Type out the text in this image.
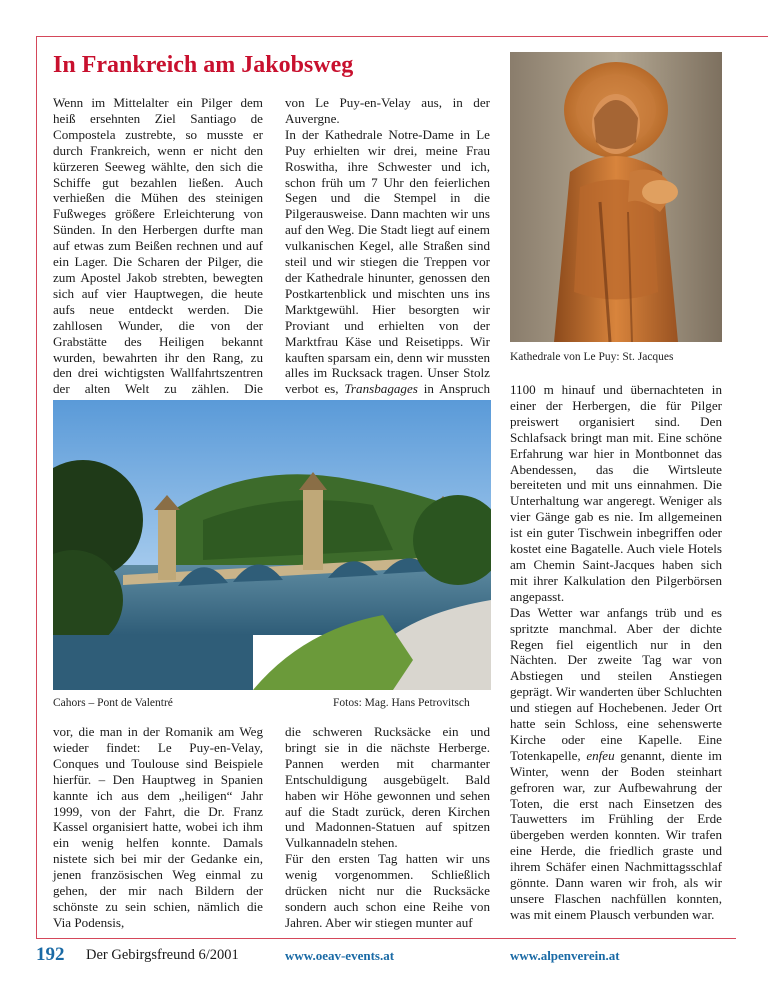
In Frankreich am Jakobsweg

Wenn im Mittelalter ein Pilger dem heiß ersehnten Ziel Santiago de Compostela zustrebte, so musste er durch Frankreich, wenn er nicht den kürzeren Seeweg wählte, den sich die Schiffe gut bezahlen ließen. Auch verhießen die Mühen des steinigen Fußweges größere Erleichterung von Sünden. In den Herbergen durfte man auf etwas zum Beißen rechnen und auf ein Lager. Die Scharen der Pilger, die zum Apostel Jakob strebten, bewegten sich auf vier Hauptwegen, die heute aufs neue entdeckt werden. Die zahllosen Wunder, die von der Grabstätte des Heiligen bekannt wurden, bewahrten ihr den Rang, zu den drei wichtigsten Wallfahrtszentren der alten Welt zu zählen. Die

von Le Puy-en-Velay aus, in der Auvergne.

In der Kathedrale Notre-Dame in Le Puy erhielten wir drei, meine Frau Roswitha, ihre Schwester und ich, schon früh um 7 Uhr den feierlichen Segen und die Stempel in die Pilgerausweise. Dann machten wir uns auf den Weg. Die Stadt liegt auf einem vulkanischen Kegel, alle Straßen sind steil und wir stiegen die Treppen vor der Kathedrale hinunter, genossen den Postkartenblick und mischten uns ins Marktgewühl. Hier besorgten wir Proviant und erhielten von der Marktfrau Käse und Reisetipps. Wir kauften sparsam ein, denn wir mussten alles im Rucksack tragen. Unser Stolz verbot es, Transbagages in Anspruch

Kathedrale von Le Puy: St. Jacques

1100 m hinauf und übernachteten in einer der Herbergen, die für Pilger preiswert organisiert sind. Den Schlafsack bringt man mit. Eine schöne Erfahrung war hier in Montbonnet das Abendessen, das die Wirtsleute bereiteten und mit uns einnahmen. Die Unterhaltung war angeregt. Weniger als vier Gänge gab es nie. Im allgemeinen ist ein guter Tischwein inbegriffen oder kostet eine Bagatelle. Auch viele Hotels am Chemin Saint-Jacques haben sich mit ihrer Kalkulation den Pilgerbörsen angepasst.

Das Wetter war anfangs trüb und es spritzte manchmal. Aber der dichte Regen fiel eigentlich nur in den Nächten. Der zweite Tag war von Abstiegen und steilen Anstiegen geprägt. Wir wanderten über Schluchten und stiegen auf Hochebenen. Jeder Ort hatte sein Schloss, eine sehenswerte Kirche oder eine Kapelle. Eine Totenkapelle, enfeu genannt, diente im Winter, wenn der Boden steinhart gefroren war, zur Aufbewahrung der Toten, die erst nach Einsetzen des Tauwetters im Frühling der Erde übergeben werden konnten. Wir trafen eine Herde, die friedlich graste und ihrem Schäfer einen Nachmittagsschlaf gönnte. Dann waren wir froh, als wir unsere Flaschen nachfüllen konnten, was mit einem Plausch verbunden war.

Cahors – Pont de Valentré	Fotos: Mag. Hans Petrovitsch

vor, die man in der Romanik am Weg wieder findet: Le Puy-en-Velay, Conques und Toulouse sind Beispiele hierfür. – Den Hauptweg in Spanien kannte ich aus dem „heiligen“ Jahr 1999, von der Fahrt, die Dr. Franz Kassel organisiert hatte, wobei ich ihm ein wenig helfen konnte. Damals nistete sich bei mir der Gedanke ein, jenen französischen Weg einmal zu gehen, der mir nach Bildern der schönste zu sein schien, nämlich die Via Podensis,

die schweren Rucksäcke ein und bringt sie in die nächste Herberge. Pannen werden mit charmanter Entschuldigung ausgebügelt. Bald haben wir Höhe gewonnen und sehen auf die Stadt zurück, deren Kirchen und Madonnen-Statuen auf spitzen Vulkannadeln stehen.

Für den ersten Tag hatten wir uns wenig vorgenommen. Schließlich drücken nicht nur die Rucksäcke sondern auch schon eine Reihe von Jahren. Aber wir stiegen munter auf

192 Der Gebirgsfreund 6/2001	www.oeav-events.at	www.alpenverein.at
